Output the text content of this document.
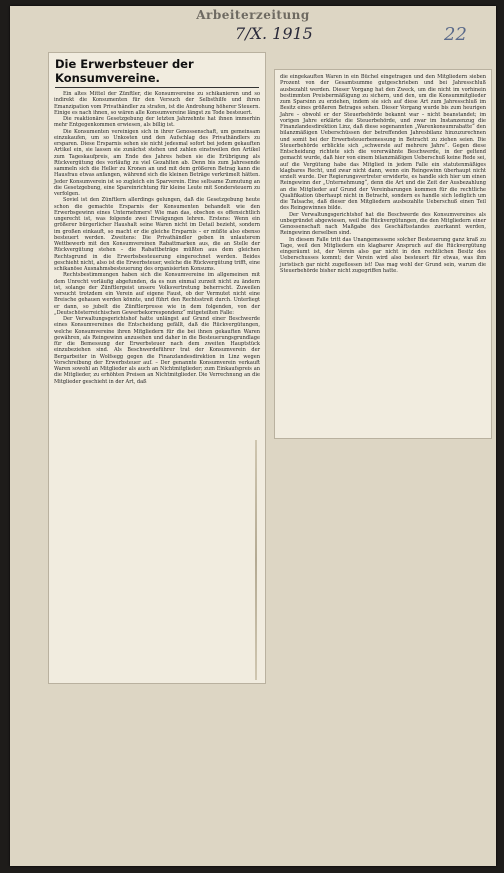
Arbeiterzeitung
7/X. 1915	22
Die Erwerbsteuer der Konsumvereine.

Ein altes Mittel der Zünftler, die Konsumvereine zu schikanieren und so indirekt die Konsumenten für den Versuch der Selbsthilfe und ihren Emanzipation vom Privathändler zu strafen, ist die Androhung höherer Steuern. Einige es nach ihnen, so wären alle Konsumvereine längst zu Tode besteuert.

Die reaktionäre Gesetzgebung der letzten Jahrzehnte hat ihnen immerhin mehr Entgegenkommen erwiesen, als billig ist.

Die Konsumenten vereinigen sich in ihrer Genossenschaft, um gemeinsam einzukaufen, um so Unkosten und den Aufschlag des Privathändlers zu ersparen. Diese Ersparnis sehen sie nicht jedesmal sofort bei jedem gekauften Artikel ein, sie lassen sie zunächst stehen und zahlen einstweilen den Artikel zum Tageskaufpreis, am Ende des Jahres heben sie die Erübrigung als Rückvergütung des vorläufig zu viel Gezahlten ab. Denn bis zum Jahresende sammeln sich die Heller zu Kronen an und mit dem größeren Betrag kann die Hausfrau etwas anfangen, während sich die kleinen Beträge verkrümelt hätten. Jeder Konsumverein ist so zugleich ein Sparverein. Eine seltsame Zumutung an die Gesetzgebung, eine Spareinrichtung für kleine Leute mit Sondersteuern zu verfolgen.

Soviel ist den Zünftlern allerdings gelungen, daß die Gesetzgebung heute schon die gemachte Ersparnis der Konsumenten behandelt wie den Erwerbsgewinn eines Unternehmers! Wie man das, obschon es offensichtlich ungerecht ist, was folgende zwei Erwägungen lehren. Erstens: Wenn ein größerer bürgerlicher Haushalt seine Waren nicht im Detail bezieht, sondern im großen einkauft, so macht er die gleiche Ersparnis – er müßte also ebenso besteuert werden. Zweitens: Die Privathändler geben in unlauterem Wettbewerb mit den Konsumvereinen Rabattmarken aus, die an Stelle der Rückvergütung stehen – die Rabattbeträge müßten aus dem gleichen Rechtsgrund in die Erwerbsbesteuerung eingerechnet werden. Beides geschieht nicht, also ist die Erwerbsteuer, welche die Rückvergütung trifft, eine schikanöse Ausnahmsbesteuerung des organisierten Konsums.

Rechtsbestimmungen haben sich die Konsumvereine im allgemeinen mit dem Unrecht vorläufig abgefunden, da es nun einmal zurzeit nicht zu ändern ist, solange der Zünftlergeist unsere Volksvertretung beherrscht. Zuweilen versucht trotzdem ein Verein auf eigene Faust, ob der Vermutet nicht eine Breische gehauen werden könnte, und führt den Rechtsstreit durch. Unterliegt er dann, so jubelt die Zünftlerpresse wie in dem folgenden, von der „Deutschösterreichischen Gewerbekorrespondenz“ mitgeteilten Falle:

Der Verwaltungsgerichtshof hatte unlängst auf Grund einer Beschwerde eines Konsumvereines die Entscheidung gefällt, daß die Rückvergütungen, welche Konsumvereine ihren Mitgliedern für die bei ihnen gekauften Waren gewähren, als Reingewinn anzusehen und daher in die Besteuerungsgrundlage für die Bemessung der Erwerbsteuer nach dem zweiten Hauptstück einzubeziehen sind. Als Beschwerdeführer trat der Konsumverein der Bergarbeiter in Wolfsegg gegen die Finanzlandesdirektion in Linz wegen Vorschreibung der Erwerbsteuer auf. – Der genannte Konsumverein verkauft Waren sowohl an Mitglieder als auch an Nichtmitglieder; zum Einkaufspreis an die Mitglieder, zu erhöhten Preisen an Nichtmitglieder. Die Verrechnung an die Mitglieder geschieht in der Art, daß

die eingekauften Waren in ein Büchel eingetragen und den Mitgliedern sieben Prozent von der Gesamtsumme gutgeschrieben und bei Jahresschluß ausbezahlt werden. Dieser Vorgang hat den Zweck, um die nicht im vorhinein bestimmten Preisbermäßigung zu sichern, und den, um die Konsummitglieder zum Sparsinn zu erziehen, indem sie sich auf diese Art zum Jahresschluß im Besitz eines größeren Betrages sehen. Dieser Vorgang wurde bis zum heurigen Jahre – obwohl er der Steuerbehörde bekannt war – nicht beanstandet; im vorigen Jahre erklärte die Steuerbehörde, und zwar im Instanzenzug die Finanzlandesdirektion Linz, daß diese sogenannten „Warenkonsumrabatte“ den bilanzmäßigen Ueberschüssen der betreffenden Jahresbilanz hinzuzurechnen und somit bei der Erwerbsteuerbemessung in Betracht zu ziehen seien. Die Steuerbehörde erblickte sich „schwerste auf mehrere Jahre“. Gegen diese Entscheidung richtete sich die vorerwähnte Beschwerde, in der geltend gemacht wurde, daß hier von einem bilanzmäßigen Ueberschuß keine Rede sei, auf die Vergütung habe das Mitglied in jedem Falle ein statutenmäßiges klagbares Recht, und zwar nicht dann, wenn ein Reingewinn überhaupt nicht erzielt wurde. Der Regierungsvertreter erwiderte, es handle sich hier um einen Reingewinn der „Unternehmung“, denn die Art und die Zeit der Ausbezahlung an die Mitglieder auf Grund der Vereinbarungen kommen für die rechtliche Qualifikation überhaupt nicht in Betracht, sondern es handle sich lediglich um die Tatsache, daß dieser den Mitgliedern ausbezahlte Ueberschuß einen Teil des Reingewinnes bilde.

Der Verwaltungsgerichtshof hat die Beschwerde des Konsumvereines als unbegründet abgewiesen, weil die Rückvergütungen, die den Mitgliedern einer Genossenschaft nach Maßgabe des Geschäftsstandes zuerkannt werden, Reingewinn derselben sind.

In diesem Falle tritt das Unangemessene solcher Besteuerung ganz kraß zu Tage, weil den Mitgliedern ein klagbarer Anspruch auf die Rückvergütung eingeräumt ist, der Verein also gar nicht in den rechtlichen Besitz des Ueberschusses kommt; der Verein wird also besteuert für etwas, was ihm juristisch gar nicht zugeflossen ist! Das mag wohl der Grund sein, warum die Steuerbehörde bisher nicht zugegriffen hatte.
